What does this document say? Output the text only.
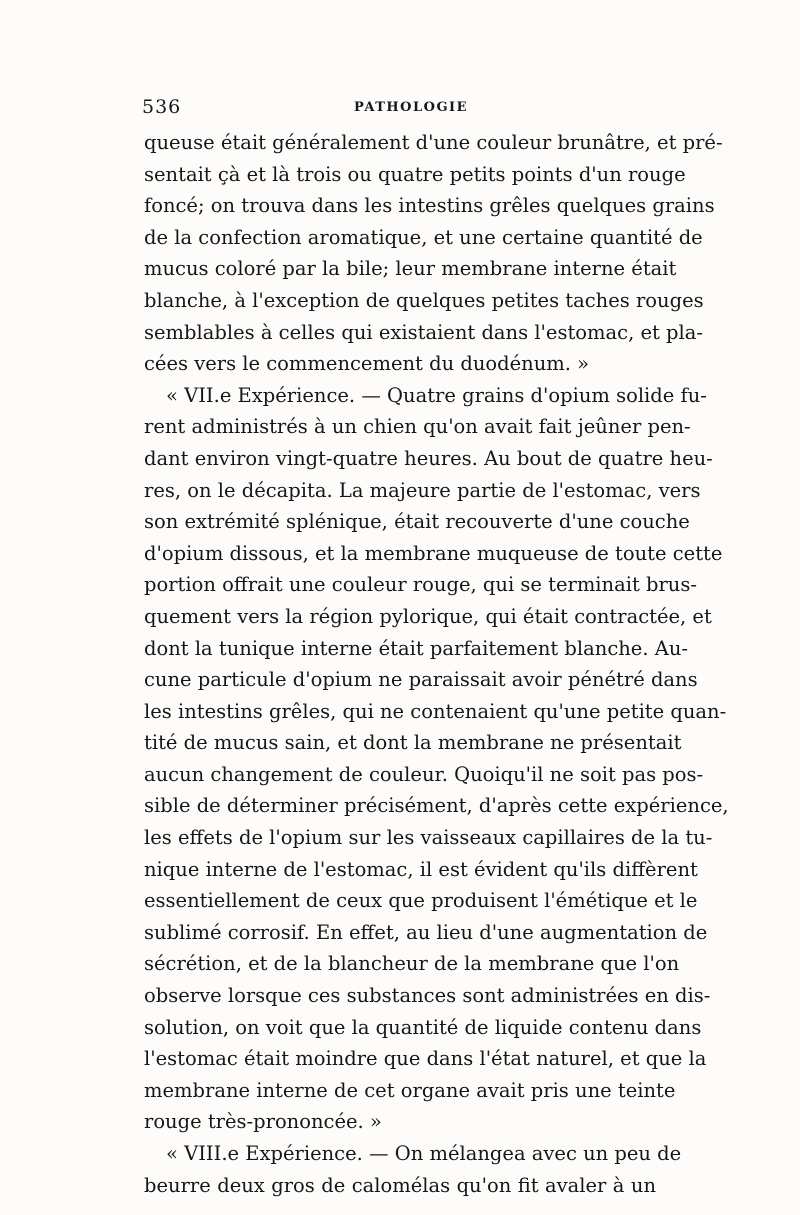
536	PATHOLOGIE
queuse était généralement d'une couleur brunâtre, et pré-
sentait çà et là trois ou quatre petits points d'un rouge
foncé; on trouva dans les intestins grêles quelques grains
de la confection aromatique, et une certaine quantité de
mucus coloré par la bile; leur membrane interne était
blanche, à l'exception de quelques petites taches rouges
semblables à celles qui existaient dans l'estomac, et pla-
cées vers le commencement du duodénum. »
« VII.e Expérience. — Quatre grains d'opium solide fu-
rent administrés à un chien qu'on avait fait jeûner pen-
dant environ vingt-quatre heures. Au bout de quatre heu-
res, on le décapita. La majeure partie de l'estomac, vers
son extrémité splénique, était recouverte d'une couche
d'opium dissous, et la membrane muqueuse de toute cette
portion offrait une couleur rouge, qui se terminait brus-
quement vers la région pylorique, qui était contractée, et
dont la tunique interne était parfaitement blanche. Au-
cune particule d'opium ne paraissait avoir pénétré dans
les intestins grêles, qui ne contenaient qu'une petite quan-
tité de mucus sain, et dont la membrane ne présentait
aucun changement de couleur. Quoiqu'il ne soit pas pos-
sible de déterminer précisément, d'après cette expérience,
les effets de l'opium sur les vaisseaux capillaires de la tu-
nique interne de l'estomac, il est évident qu'ils diffèrent
essentiellement de ceux que produisent l'émétique et le
sublimé corrosif. En effet, au lieu d'une augmentation de
sécrétion, et de la blancheur de la membrane que l'on
observe lorsque ces substances sont administrées en dis-
solution, on voit que la quantité de liquide contenu dans
l'estomac était moindre que dans l'état naturel, et que la
membrane interne de cet organe avait pris une teinte
rouge très-prononcée. »
« VIII.e Expérience. — On mélangea avec un peu de
beurre deux gros de calomélas qu'on fit avaler à un
